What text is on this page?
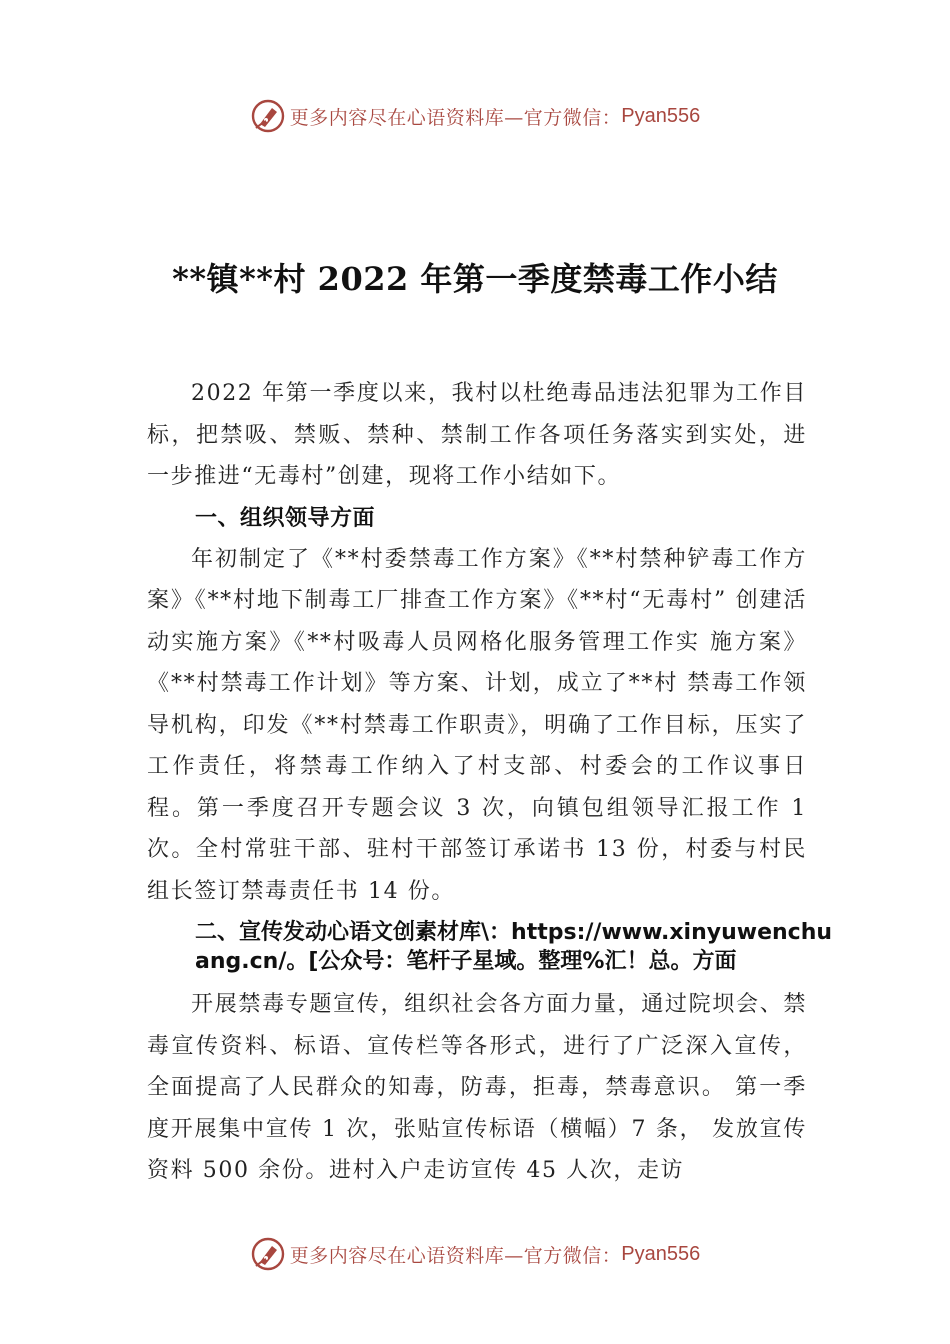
更多内容尽在心语资料库—官方微信： Pyan556
**镇**村 2022 年第一季度禁毒工作小结

2022 年第一季度以来，我村以杜绝毒品违法犯罪为工作目标，把禁吸、禁贩、禁种、禁制工作各项任务落实到实处，进一步推进“无毒村”创建，现将工作小结如下。

一、组织领导方面

年初制定了《**村委禁毒工作方案》《**村禁种铲毒工作方案》《**村地下制毒工厂排查工作方案》《**村“无毒村” 创建活动实施方案》《**村吸毒人员网格化服务管理工作实 施方案》《**村禁毒工作计划》等方案、计划，成立了**村 禁毒工作领导机构，印发《**村禁毒工作职责》，明确了工作目标，压实了工作责任，将禁毒工作纳入了村支部、村委会的工作议事日程。第一季度召开专题会议 3 次，向镇包组领导汇报工作 1 次。全村常驻干部、驻村干部签订承诺书 13 份，村委与村民组长签订禁毒责任书 14 份。

二、宣传发动心语文创素材库\：https://www.xinyuwenchuang.cn/。[公众号：笔杆子星域。整理%汇！总。方面

开展禁毒专题宣传，组织社会各方面力量，通过院坝会、禁毒宣传资料、标语、宣传栏等各形式，进行了广泛深入宣传，全面提高了人民群众的知毒，防毒，拒毒，禁毒意识。 第一季度开展集中宣传 1 次，张贴宣传标语（横幅）7 条， 发放宣传资料 500 余份。进村入户走访宣传 45 人次，走访

更多内容尽在心语资料库—官方微信： Pyan556
